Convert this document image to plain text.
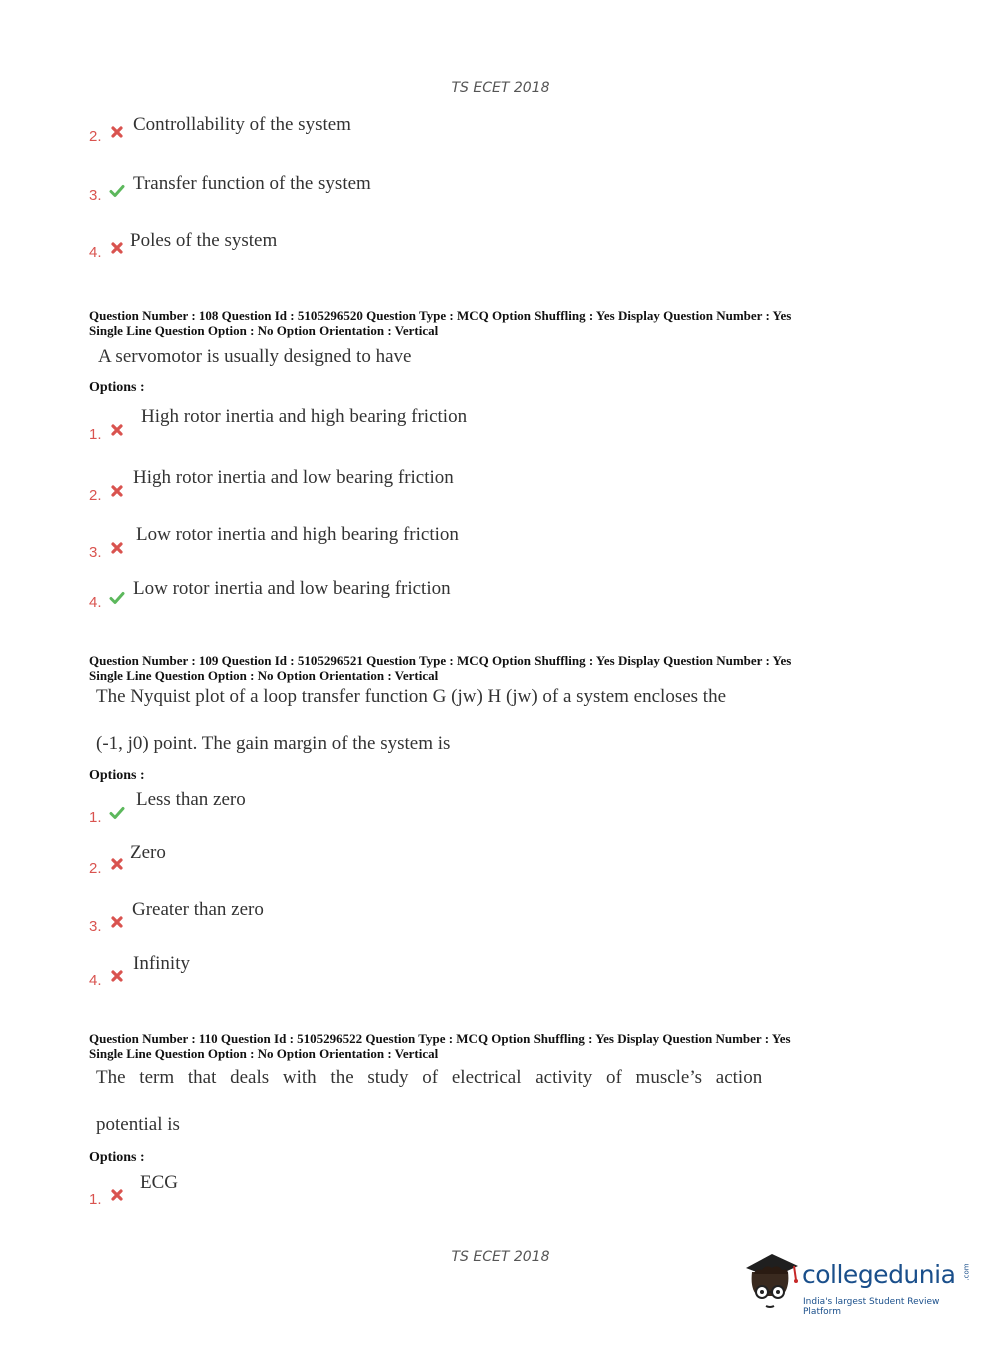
TS ECET 2018
2.
Controllability of the system
3.
Transfer function of the system
4.
Poles of the system
Question Number : 108 Question Id : 5105296520 Question Type : MCQ Option Shuffling : Yes Display Question Number : Yes
Single Line Question Option : No Option Orientation : Vertical
A servomotor is usually designed to have
Options :
1.
High rotor inertia and high bearing friction
2.
High rotor inertia and low bearing friction
3.
Low rotor inertia and high bearing friction
4.
Low rotor inertia and low bearing friction
Question Number : 109 Question Id : 5105296521 Question Type : MCQ Option Shuffling : Yes Display Question Number : Yes
Single Line Question Option : No Option Orientation : Vertical
The Nyquist plot of a loop transfer function G (jw) H (jw) of a system encloses the
(-1, j0) point. The gain margin of the system is
Options :
1.
Less than zero
2.
Zero
3.
Greater than zero
4.
Infinity
Question Number : 110 Question Id : 5105296522 Question Type : MCQ Option Shuffling : Yes Display Question Number : Yes
Single Line Question Option : No Option Orientation : Vertical
The term that deals with the study of electrical activity of muscle’s action
potential is
Options :
1.
ECG
TS ECET 2018
collegedunia .com
India's largest Student Review Platform
